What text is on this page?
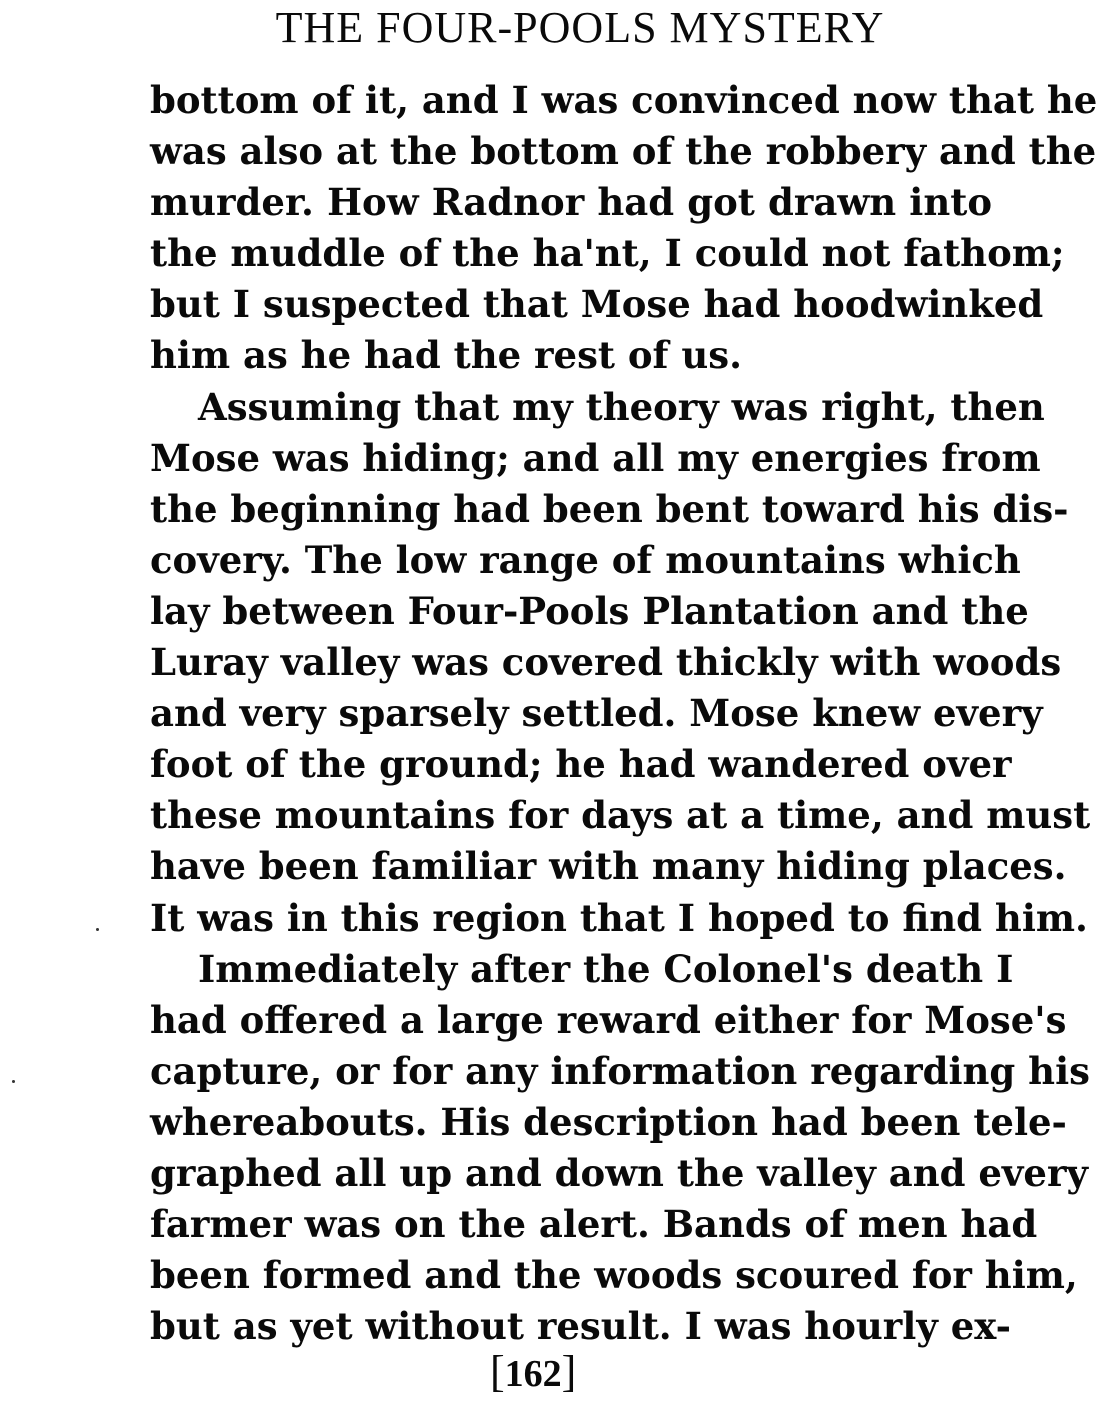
THE FOUR-POOLS MYSTERY
bottom of it, and I was convinced now that he
was also at the bottom of the robbery and the
murder. How Radnor had got drawn into
the muddle of the ha'nt, I could not fathom;
but I suspected that Mose had hoodwinked
him as he had the rest of us.
Assuming that my theory was right, then
Mose was hiding; and all my energies from
the beginning had been bent toward his dis-
covery. The low range of mountains which
lay between Four-Pools Plantation and the
Luray valley was covered thickly with woods
and very sparsely settled. Mose knew every
foot of the ground; he had wandered over
these mountains for days at a time, and must
have been familiar with many hiding places.
It was in this region that I hoped to find him.
Immediately after the Colonel's death I
had offered a large reward either for Mose's
capture, or for any information regarding his
whereabouts. His description had been tele-
graphed all up and down the valley and every
farmer was on the alert. Bands of men had
been formed and the woods scoured for him,
but as yet without result. I was hourly ex-
[162]
